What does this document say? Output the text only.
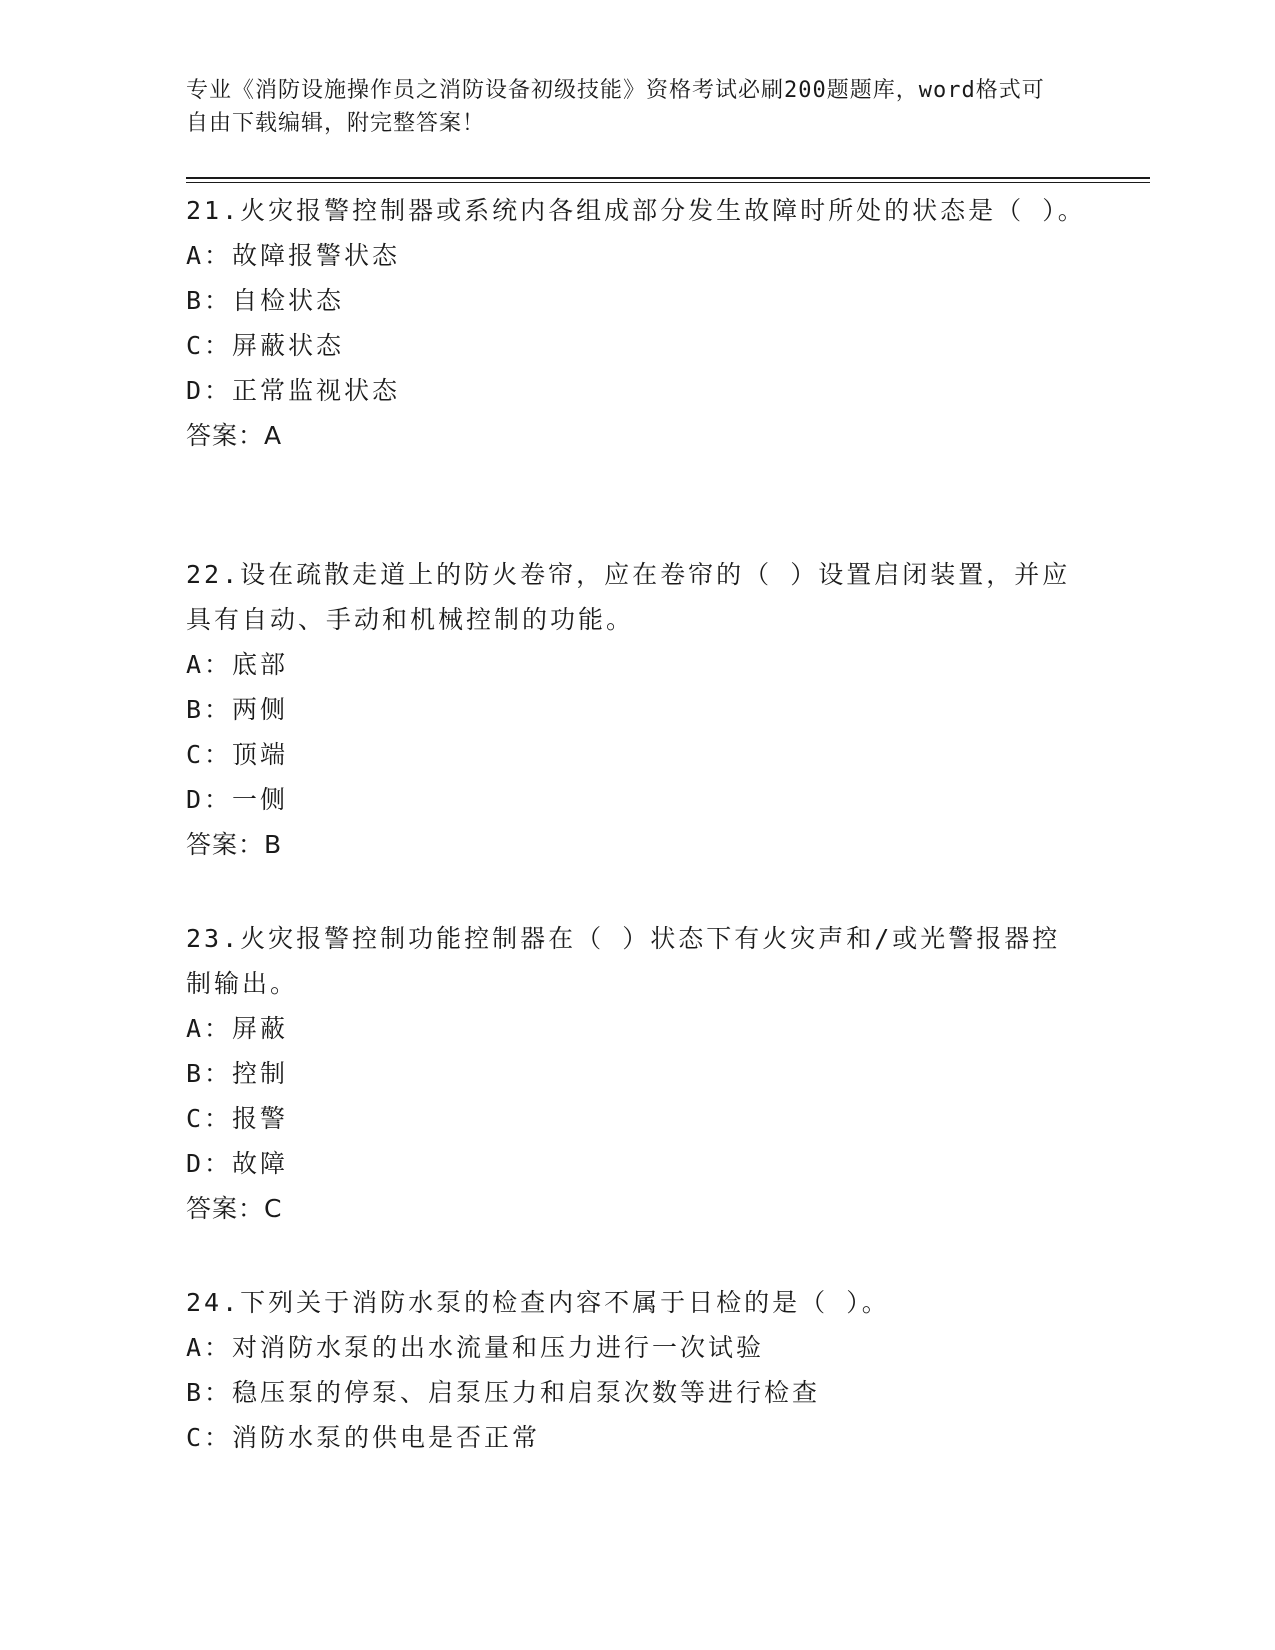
专业《消防设施操作员之消防设备初级技能》资格考试必刷200题题库，word格式可自由下载编辑，附完整答案！
21.火灾报警控制器或系统内各组成部分发生故障时所处的状态是（ ）。
A：故障报警状态
B：自检状态
C：屏蔽状态
D：正常监视状态
答案：A
22.设在疏散走道上的防火卷帘，应在卷帘的（ ）设置启闭装置，并应具有自动、手动和机械控制的功能。
A：底部
B：两侧
C：顶端
D：一侧
答案：B
23.火灾报警控制功能控制器在（ ）状态下有火灾声和/或光警报器控制输出。
A：屏蔽
B：控制
C：报警
D：故障
答案：C
24.下列关于消防水泵的检查内容不属于日检的是（ ）。
A：对消防水泵的出水流量和压力进行一次试验
B：稳压泵的停泵、启泵压力和启泵次数等进行检查
C：消防水泵的供电是否正常
